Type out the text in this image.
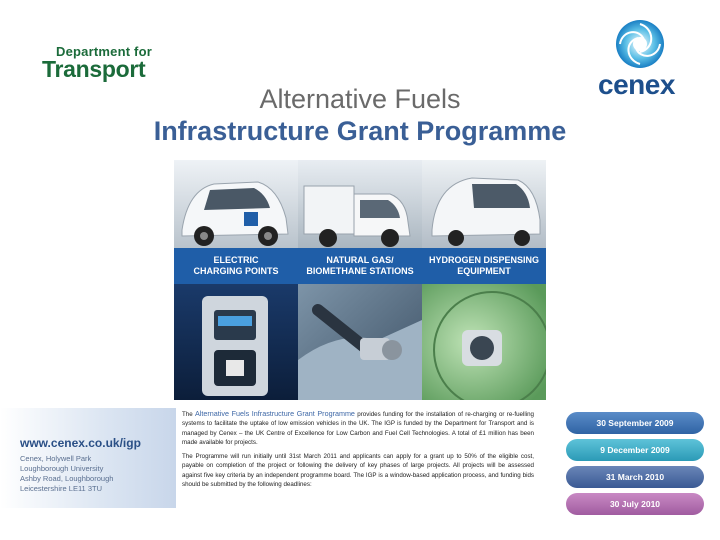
Department for
Transport	cenex
Alternative Fuels
Infrastructure Grant Programme
ELECTRIC
CHARGING POINTS
NATURAL GAS/
BIOMETHANE STATIONS
HYDROGEN DISPENSING
EQUIPMENT
www.cenex.co.uk/igp
Cenex, Holywell Park
Loughborough University
Ashby Road, Loughborough
Leicestershire LE11 3TU

The Alternative Fuels Infrastructure Grant Programme provides funding for the installation of re-charging or re-fuelling systems to facilitate the uptake of low emission vehicles in the UK. The IGP is funded by the Department for Transport and is managed by Cenex – the UK Centre of Excellence for Low Carbon and Fuel Cell Technologies. A total of £1 million has been made available for projects.

The Programme will run initially until 31st March 2011 and applicants can apply for a grant up to 50% of the eligible cost, payable on completion of the project or following the delivery of key phases of large projects. All projects will be assessed against five key criteria by an independent programme board. The IGP is a window-based application process, and funding bids should be submitted by the following deadlines:

30 September 2009
9 December 2009
31 March 2010
30 July 2010
